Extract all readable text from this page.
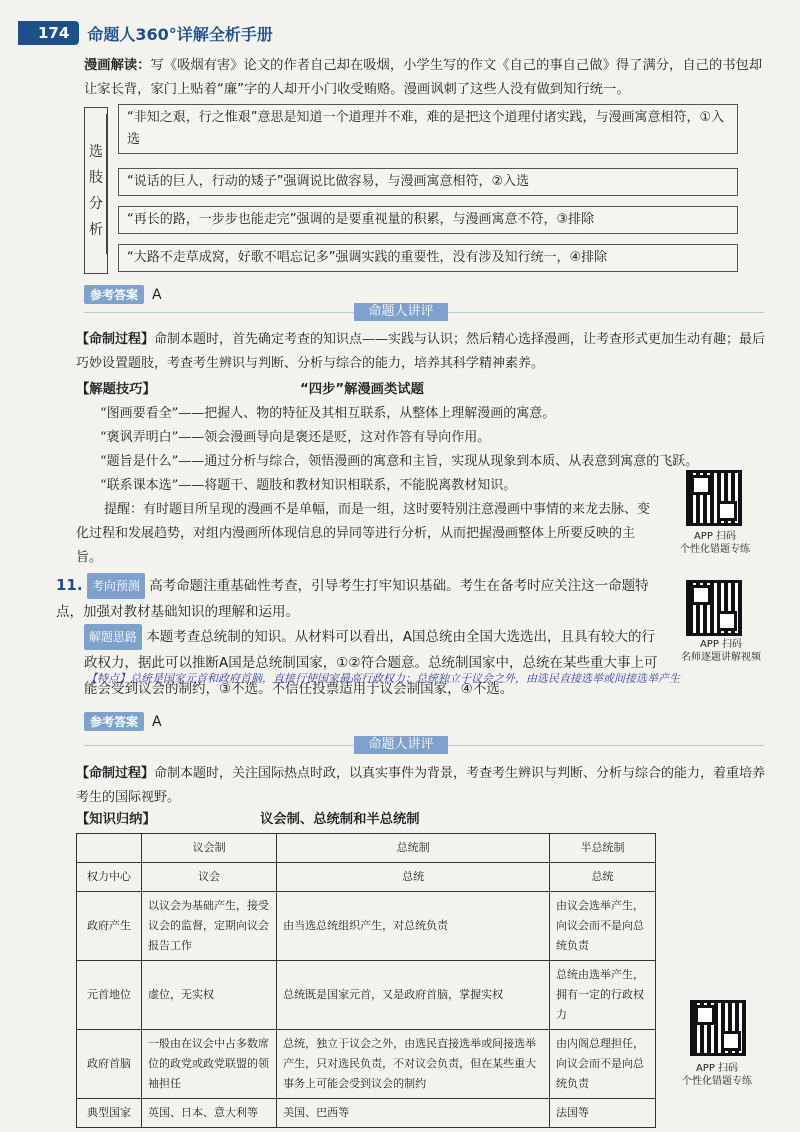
174	命题人360°详解全析手册
漫画解读：写《吸烟有害》论文的作者自己却在吸烟，小学生写的作文《自己的事自己做》得了满分，自己的书包却让家长背，家门上贴着“廉”字的人却开小门收受贿赂。漫画讽刺了这些人没有做到知行统一。
选
肢
分
析
“非知之艰，行之惟艰”意思是知道一个道理并不难，难的是把这个道理付诸实践，与漫画寓意相符，①入选
“说话的巨人，行动的矮子”强调说比做容易，与漫画寓意相符，②入选
“再长的路，一步步也能走完”强调的是要重视量的积累，与漫画寓意不符，③排除
“大路不走草成窝，好歌不唱忘记多”强调实践的重要性，没有涉及知行统一，④排除
参考答案	A
命题人讲评
【命制过程】命制本题时，首先确定考查的知识点——实践与认识；然后精心选择漫画，让考查形式更加生动有趣；最后巧妙设置题肢，考查考生辨识与判断、分析与综合的能力，培养其科学精神素养。
【解题技巧】	“四步”解漫画类试题
“图画要看全”——把握人、物的特征及其相互联系，从整体上理解漫画的寓意。
“褒讽弄明白”——领会漫画导向是褒还是贬，这对作答有导向作用。
“题旨是什么”——通过分析与综合，领悟漫画的寓意和主旨，实现从现象到本质、从表意到寓意的飞跃。
“联系课本选”——将题干、题肢和教材知识相联系，不能脱离教材知识。
提醒：有时题目所呈现的漫画不是单幅，而是一组，这时要特别注意漫画中事情的来龙去脉、变化过程和发展趋势，对组内漫画所体现信息的异同等进行分析，从而把握漫画整体上所要反映的主旨。
APP 扫码
个性化错题专练
11. 考向预测 高考命题注重基础性考查，引导考生打牢知识基础。考生在备考时应关注这一命题特点，加强对教材基础知识的理解和运用。
APP 扫码
名师逐题讲解视频
解题思路 本题考查总统制的知识。从材料可以看出，A国总统由全国大选选出，且具有较大的行政权力，据此可以推断A国是总统制国家，①②符合题意。总统制国家中，总统在某些重大事上可能会受到议会的制约，③不选。不信任投票适用于议会制国家，④不选。
【特点】总统是国家元首和政府首脑，直接行使国家最高行政权力；总统独立于议会之外，由选民直接选举或间接选举产生
参考答案	A
命题人讲评
【命制过程】命制本题时，关注国际热点时政，以真实事件为背景，考查考生辨识与判断、分析与综合的能力，着重培养考生的国际视野。
【知识归纳】	议会制、总统制和半总统制
	议会制	总统制	半总统制
权力中心	议会	总统	总统
政府产生	以议会为基础产生，接受议会的监督，定期向议会报告工作	由当选总统组织产生，对总统负责	由议会选举产生，向议会而不是向总统负责
元首地位	虚位，无实权	总统既是国家元首，又是政府首脑，掌握实权	总统由选举产生，拥有一定的行政权力
政府首脑	一般由在议会中占多数席位的政党或政党联盟的领袖担任	总统，独立于议会之外，由选民直接选举或间接选举产生，只对选民负责，不对议会负责，但在某些重大事务上可能会受到议会的制约	由内阁总理担任，向议会而不是向总统负责
典型国家	英国、日本、意大利等	美国、巴西等	法国等
APP 扫码
个性化错题专练
